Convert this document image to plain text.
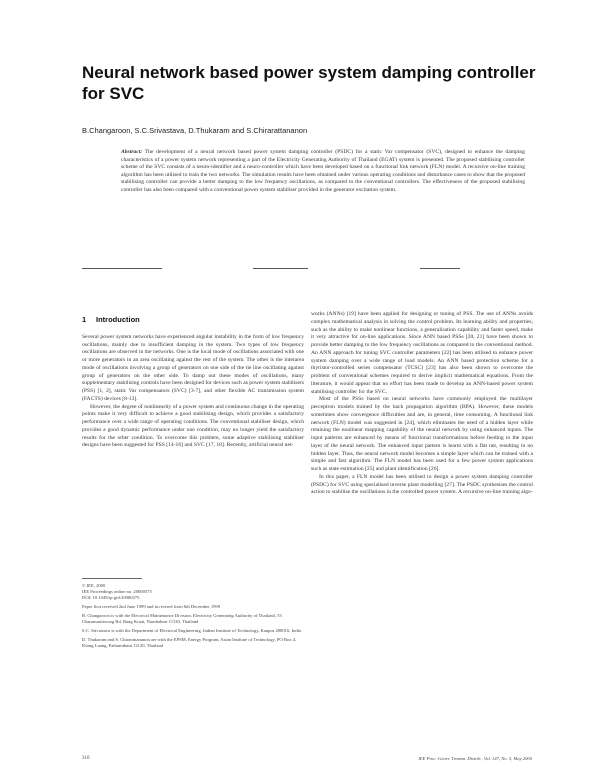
Neural network based power system damping controller for SVC
B.Changaroon, S.C.Srivastava, D.Thukaram and S.Chirarattananon

Abstract: The development of a neural network based power system damping controller (PSDC) for a static Var compensator (SVC), designed to enhance the damping characteristics of a power system network representing a part of the Electricity Generating Authority of Thailand (EGAT) system is presented. The proposed stabilising controller scheme of the SVC consists of a neuro-identifier and a neuro-controller which have been developed based on a functional link network (FLN) model. A recursive on-line training algorithm has been utilised to train the two networks. The simulation results have been obtained under various operating conditions and disturbance cases to show that the proposed stabilising controller can provide a better damping to the low frequency oscillations, as compared to the conventional controllers. The effectiveness of the proposed stabilising controller has also been compared with a conventional power system stabiliser provided in the generator excitation system.

1 Introduction

Several power system networks have experienced angular instability in the form of low frequency oscillations, mainly due to insufficient damping in the system. Two types of low frequency oscillations are observed in the networks. One is the local mode of oscillations associated with one or more generators in an area oscillating against the rest of the system. The other is the interarea mode of oscillations involving a group of generators on one side of the tie line oscillating against group of generators on the other side. To damp out these modes of oscillations, many supplementary stabilising controls have been designed for devices such as power system stabilisers (PSS) [1, 2], static Var compensators (SVC) [3-7], and other flexible AC transmission system (FACTS) devices [8-13].

However, the degree of nonlinearity of a power system and continuous change in the operating points make it very difficult to achieve a good stabilising design, which provides a satisfactory performance over a wide range of operating conditions. The conventional stabiliser design, which provides a good dynamic performance under one condition, may no longer yield the satisfactory results for the other condition. To overcome this problem, some adaptive stabilising stabiliser designs have been suggested for PSS [14-16] and SVC [17, 18]. Recently, artificial neural net-

works (ANNs) [19] have been applied for designing or tuning of PSS. The use of ANNs avoids complex mathematical analysis in solving the control problem. Its learning ability and properties, such as the ability to make nonlinear functions, a generalisation capability and faster speed, make it very attractive for on-line applications. Since ANN based PSSs [20, 21] have been shown to provide better damping to the low frequency oscillations as compared to the conventional method. An ANN approach for tuning SVC controller parameters [22] has been utilised to enhance power system damping over a wide range of load models. An ANN based protection scheme for a thyristor-controlled series compensator (TCSC) [23] has also been shown to overcome the problem of conventional schemes required to derive implicit mathematical equations. From the literature, it would appear that no effort has been made to develop an ANN-based power system stabilising controller for the SVC.

Most of the PSSs based on neural networks have commonly employed the multilayer perceptron models trained by the back propagation algorithm (BPA). However, these models sometimes show convergence difficulties and are, in general, time consuming. A functional link network (FLN) model was suggested in [24], which eliminates the need of a hidden layer while retaining the nonlinear mapping capability of the neural network by using enhanced inputs. The input patterns are enhanced by means of functional transformations before feeding to the input layer of the neural network. The enhanced input pattern is learnt with a flat net, resulting in no hidden layer. Thus, the neural network model becomes a simple layer which can be trained with a simple and fast algorithm. The FLN model has been used for a few power system applications such as state estimation [25] and plant identification [26].

In this paper, a FLN model has been utilised to design a power system damping controller (PSDC) for SVC using specialised inverse plant modelling [27]. The PSDC synthesises the control action to stabilise the oscillations in the controlled power system. A recursive on-line training algo-

© IEE, 2000

IEE Proceedings online no. 20000375

DOI: 10.1049/ip-gtd:20000375

Paper first received 2nd June 1999 and in revised form 6th December 1999

B. Changaroon is with the Electrical Maintenance Division, Electricity Generating Authority of Thailand, 53 Charansanitwong Rd, Bang Kruai, Nonthaburi 11130, Thailand

S.C. Srivastava is with the Department of Electrical Engineering, Indian Institute of Technology, Kanpur 208016, India

D. Thukaram and S. Chirarattananon are with the EPSM, Energy Program, Asian Institute of Technology, PO Box 4, Klong Luang, Pathumthani 12120, Thailand

310	IEE Proc.-Gener. Transm. Distrib., Vol. 147, No. 5, May 2000
